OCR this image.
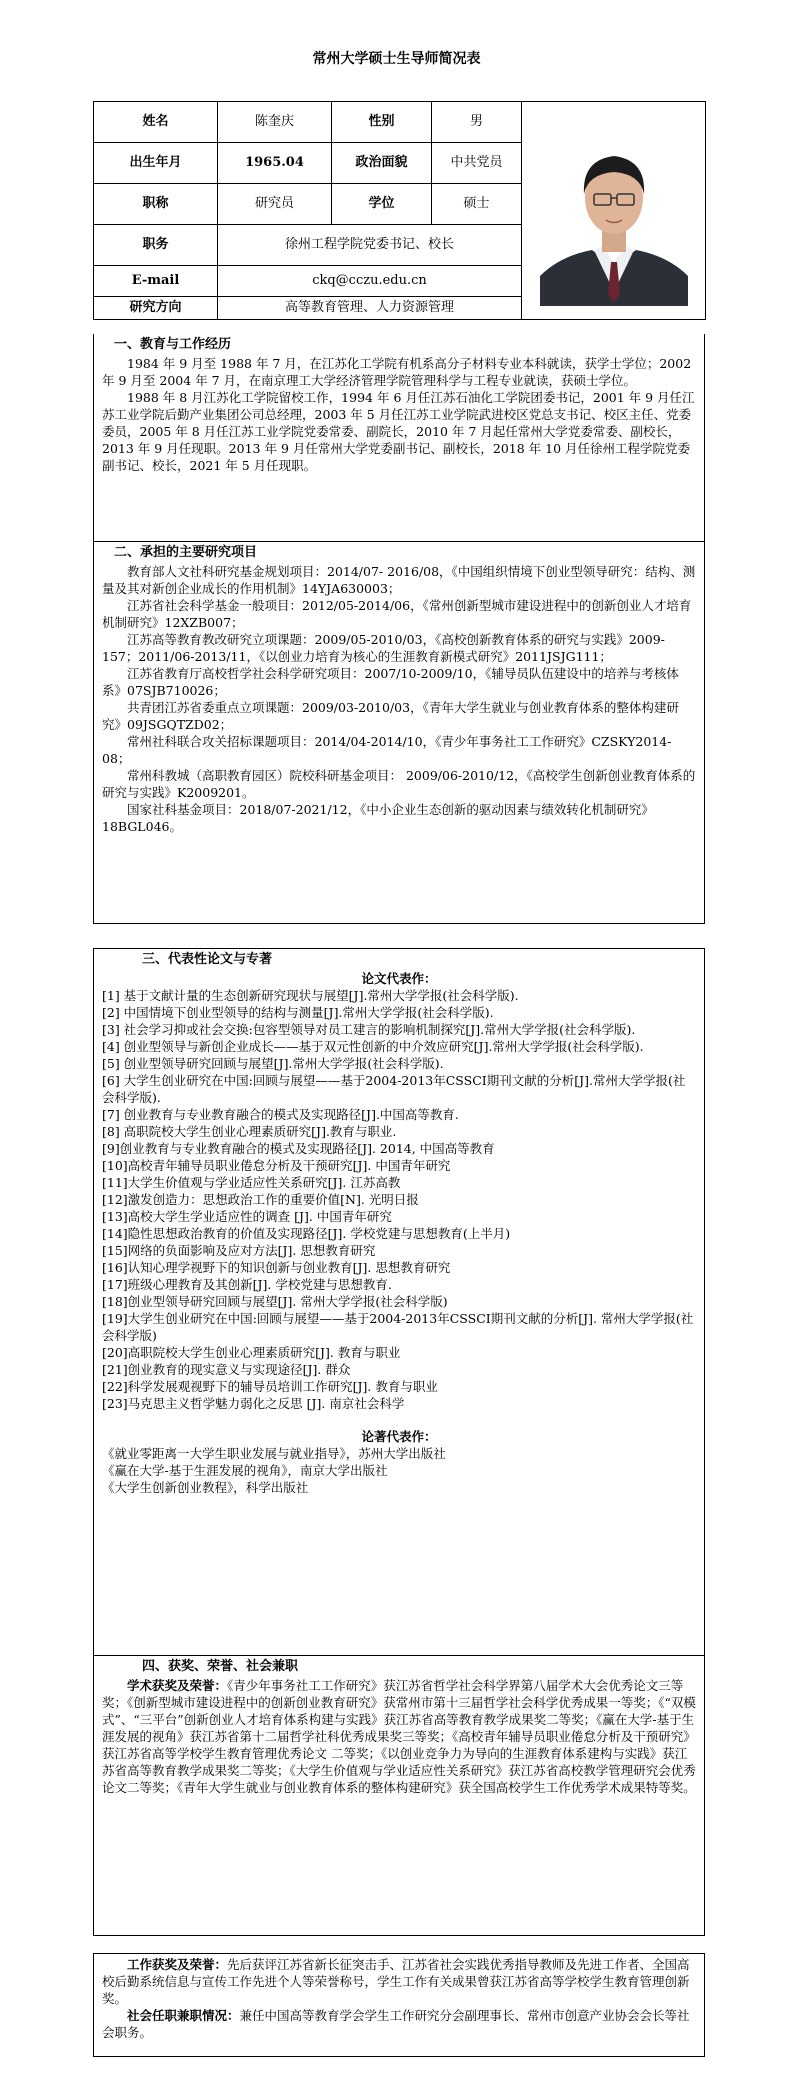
常州大学硕士生导师简况表
姓名	陈奎庆	性别	男	

出生年月	1965.04	政治面貌	中共党员	
职称	研究员	学位	硕士	
职务	徐州工程学院党委书记、校长			
E-mail	ckq@cczu.edu.cn			
研究方向	高等教育管理、人力资源管理			
一、教育与工作经历

1984 年 9 月至 1988 年 7 月，在江苏化工学院有机系高分子材料专业本科就读，获学士学位；2002 年 9 月至 2004 年 7 月，在南京理工大学经济管理学院管理科学与工程专业就读，获硕士学位。

1988 年 8 月江苏化工学院留校工作，1994 年 6 月任江苏石油化工学院团委书记，2001 年 9 月任江苏工业学院后勤产业集团公司总经理，2003 年 5 月任江苏工业学院武进校区党总支书记、校区主任、党委委员，2005 年 8 月任江苏工业学院党委常委、副院长，2010 年 7 月起任常州大学党委常委、副校长，2013 年 9 月任现职。2013 年 9 月任常州大学党委副书记、副校长，2018 年 10 月任徐州工程学院党委副书记、校长，2021 年 5 月任现职。

二、承担的主要研究项目

教育部人文社科研究基金规划项目：2014/07- 2016/08，《中国组织情境下创业型领导研究：结构、测量及其对新创企业成长的作用机制》14YJA630003；

江苏省社会科学基金一般项目：2012/05-2014/06，《常州创新型城市建设进程中的创新创业人才培育机制研究》12XZB007；

江苏高等教育教改研究立项课题：2009/05-2010/03，《高校创新教育体系的研究与实践》2009-157；2011/06-2013/11，《以创业力培育为核心的生涯教育新模式研究》2011JSJG111；

江苏省教育厅高校哲学社会科学研究项目：2007/10-2009/10，《辅导员队伍建设中的培养与考核体系》07SJB710026；

共青团江苏省委重点立项课题：2009/03-2010/03，《青年大学生就业与创业教育体系的整体构建研究》09JSGQTZD02；

常州社科联合攻关招标课题项目：2014/04-2014/10，《青少年事务社工工作研究》CZSKY2014-08；

常州科教城（高职教育园区）院校科研基金项目： 2009/06-2010/12，《高校学生创新创业教育体系的研究与实践》K2009201。

国家社科基金项目：2018/07-2021/12，《中小企业生态创新的驱动因素与绩效转化机制研究》18BGL046。

三、代表性论文与专著
论文代表作：
[1] 基于文献计量的生态创新研究现状与展望[J].常州大学学报(社会科学版).
[2] 中国情境下创业型领导的结构与测量[J].常州大学学报(社会科学版).
[3] 社会学习抑或社会交换:包容型领导对员工建言的影响机制探究[J].常州大学学报(社会科学版).
[4] 创业型领导与新创企业成长——基于双元性创新的中介效应研究[J].常州大学学报(社会科学版).
[5] 创业型领导研究回顾与展望[J].常州大学学报(社会科学版).
[6] 大学生创业研究在中国:回顾与展望——基于2004-2013年CSSCI期刊文献的分析[J].常州大学学报(社会科学版).
[7] 创业教育与专业教育融合的模式及实现路径[J].中国高等教育.
[8] 高职院校大学生创业心理素质研究[J].教育与职业.
[9]创业教育与专业教育融合的模式及实现路径[J]. 2014, 中国高等教育
[10]高校青年辅导员职业倦怠分析及干预研究[J]. 中国青年研究
[11]大学生价值观与学业适应性关系研究[J]. 江苏高教
[12]激发创造力：思想政治工作的重要价值[N]. 光明日报
[13]高校大学生学业适应性的调查 [J]. 中国青年研究
[14]隐性思想政治教育的价值及实现路径[J]. 学校党建与思想教育(上半月)
[15]网络的负面影响及应对方法[J]. 思想教育研究
[16]认知心理学视野下的知识创新与创业教育[J]. 思想教育研究
[17]班级心理教育及其创新[J]. 学校党建与思想教育.
[18]创业型领导研究回顾与展望[J]. 常州大学学报(社会科学版)
[19]大学生创业研究在中国:回顾与展望——基于2004-2013年CSSCI期刊文献的分析[J]. 常州大学学报(社会科学版)
[20]高职院校大学生创业心理素质研究[J]. 教育与职业
[21]创业教育的现实意义与实现途径[J]. 群众
[22]科学发展观视野下的辅导员培训工作研究[J]. 教育与职业
[23]马克思主义哲学魅力弱化之反思 [J]. 南京社会科学
论著代表作：
《就业零距离一大学生职业发展与就业指导》，苏州大学出版社
《赢在大学-基于生涯发展的视角》，南京大学出版社
《大学生创新创业教程》，科学出版社
四、获奖、荣誉、社会兼职

学术获奖及荣誉：《青少年事务社工工作研究》获江苏省哲学社会科学界第八届学术大会优秀论文三等奖；《创新型城市建设进程中的创新创业教育研究》获常州市第十三届哲学社会科学优秀成果一等奖；《“双模式”、“三平台”创新创业人才培育体系构建与实践》获江苏省高等教育教学成果奖二等奖；《赢在大学-基于生涯发展的视角》获江苏省第十二届哲学社科优秀成果奖三等奖；《高校青年辅导员职业倦怠分析及干预研究》获江苏省高等学校学生教育管理优秀论文 二等奖；《以创业竞争力为导向的生涯教育体系建构与实践》获江苏省高等教育教学成果奖二等奖；《大学生价值观与学业适应性关系研究》获江苏省高校教学管理研究会优秀论文二等奖；《青年大学生就业与创业教育体系的整体构建研究》获全国高校学生工作优秀学术成果特等奖。

工作获奖及荣誉：先后获评江苏省新长征突击手、江苏省社会实践优秀指导教师及先进工作者、全国高校后勤系统信息与宣传工作先进个人等荣誉称号，学生工作有关成果曾获江苏省高等学校学生教育管理创新奖。

社会任职兼职情况：兼任中国高等教育学会学生工作研究分会副理事长、常州市创意产业协会会长等社会职务。
